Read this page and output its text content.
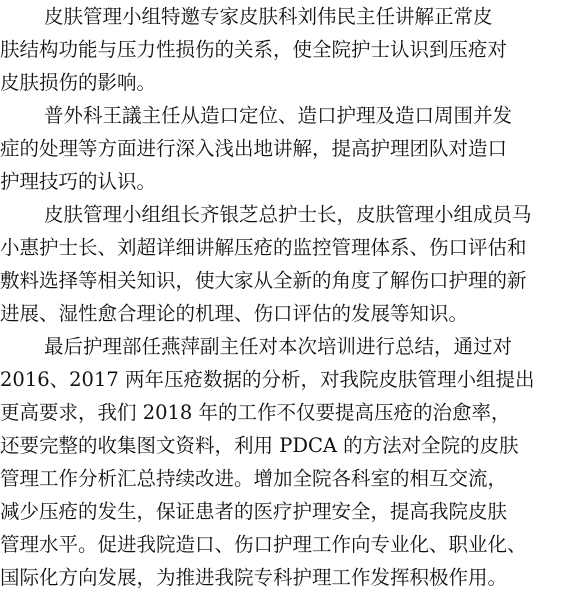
皮肤管理小组特邀专家皮肤科刘伟民主任讲解正常皮
肤结构功能与压力性损伤的关系，使全院护士认识到压疮对
皮肤损伤的影响。
普外科王議主任从造口定位、造口护理及造口周围并发
症的处理等方面进行深入浅出地讲解，提高护理团队对造口
护理技巧的认识。
皮肤管理小组组长齐银芝总护士长，皮肤管理小组成员马
小惠护士长、刘超详细讲解压疮的监控管理体系、伤口评估和
敷料选择等相关知识，使大家从全新的角度了解伤口护理的新
进展、湿性愈合理论的机理、伤口评估的发展等知识。
最后护理部任燕萍副主任对本次培训进行总结，通过对
2016、2017 两年压疮数据的分析，对我院皮肤管理小组提出
更高要求，我们 2018 年的工作不仅要提高压疮的治愈率，
还要完整的收集图文资料，利用 PDCA 的方法对全院的皮肤
管理工作分析汇总持续改进。增加全院各科室的相互交流，
减少压疮的发生，保证患者的医疗护理安全，提高我院皮肤
管理水平。促进我院造口、伤口护理工作向专业化、职业化、
国际化方向发展，为推进我院专科护理工作发挥积极作用。
